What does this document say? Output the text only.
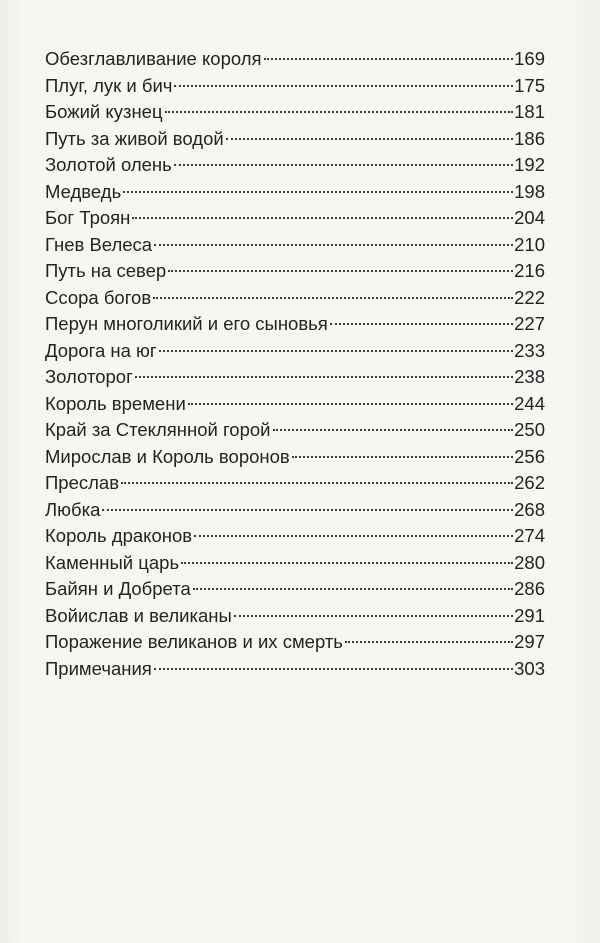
Обезглавливание короля	169
Плуг, лук и бич	175
Божий кузнец	181
Путь за живой водой	186
Золотой олень	192
Медведь	198
Бог Троян	204
Гнев Велеса	210
Путь на север	216
Ссора богов	222
Перун многоликий и его сыновья	227
Дорога на юг	233
Золоторог	238
Король времени	244
Край за Стеклянной горой	250
Мирослав и Король воронов	256
Преслав	262
Любка	268
Король драконов	274
Каменный царь	280
Байян и Добрета	286
Войислав и великаны	291
Поражение великанов и их смерть	297
Примечания	303
